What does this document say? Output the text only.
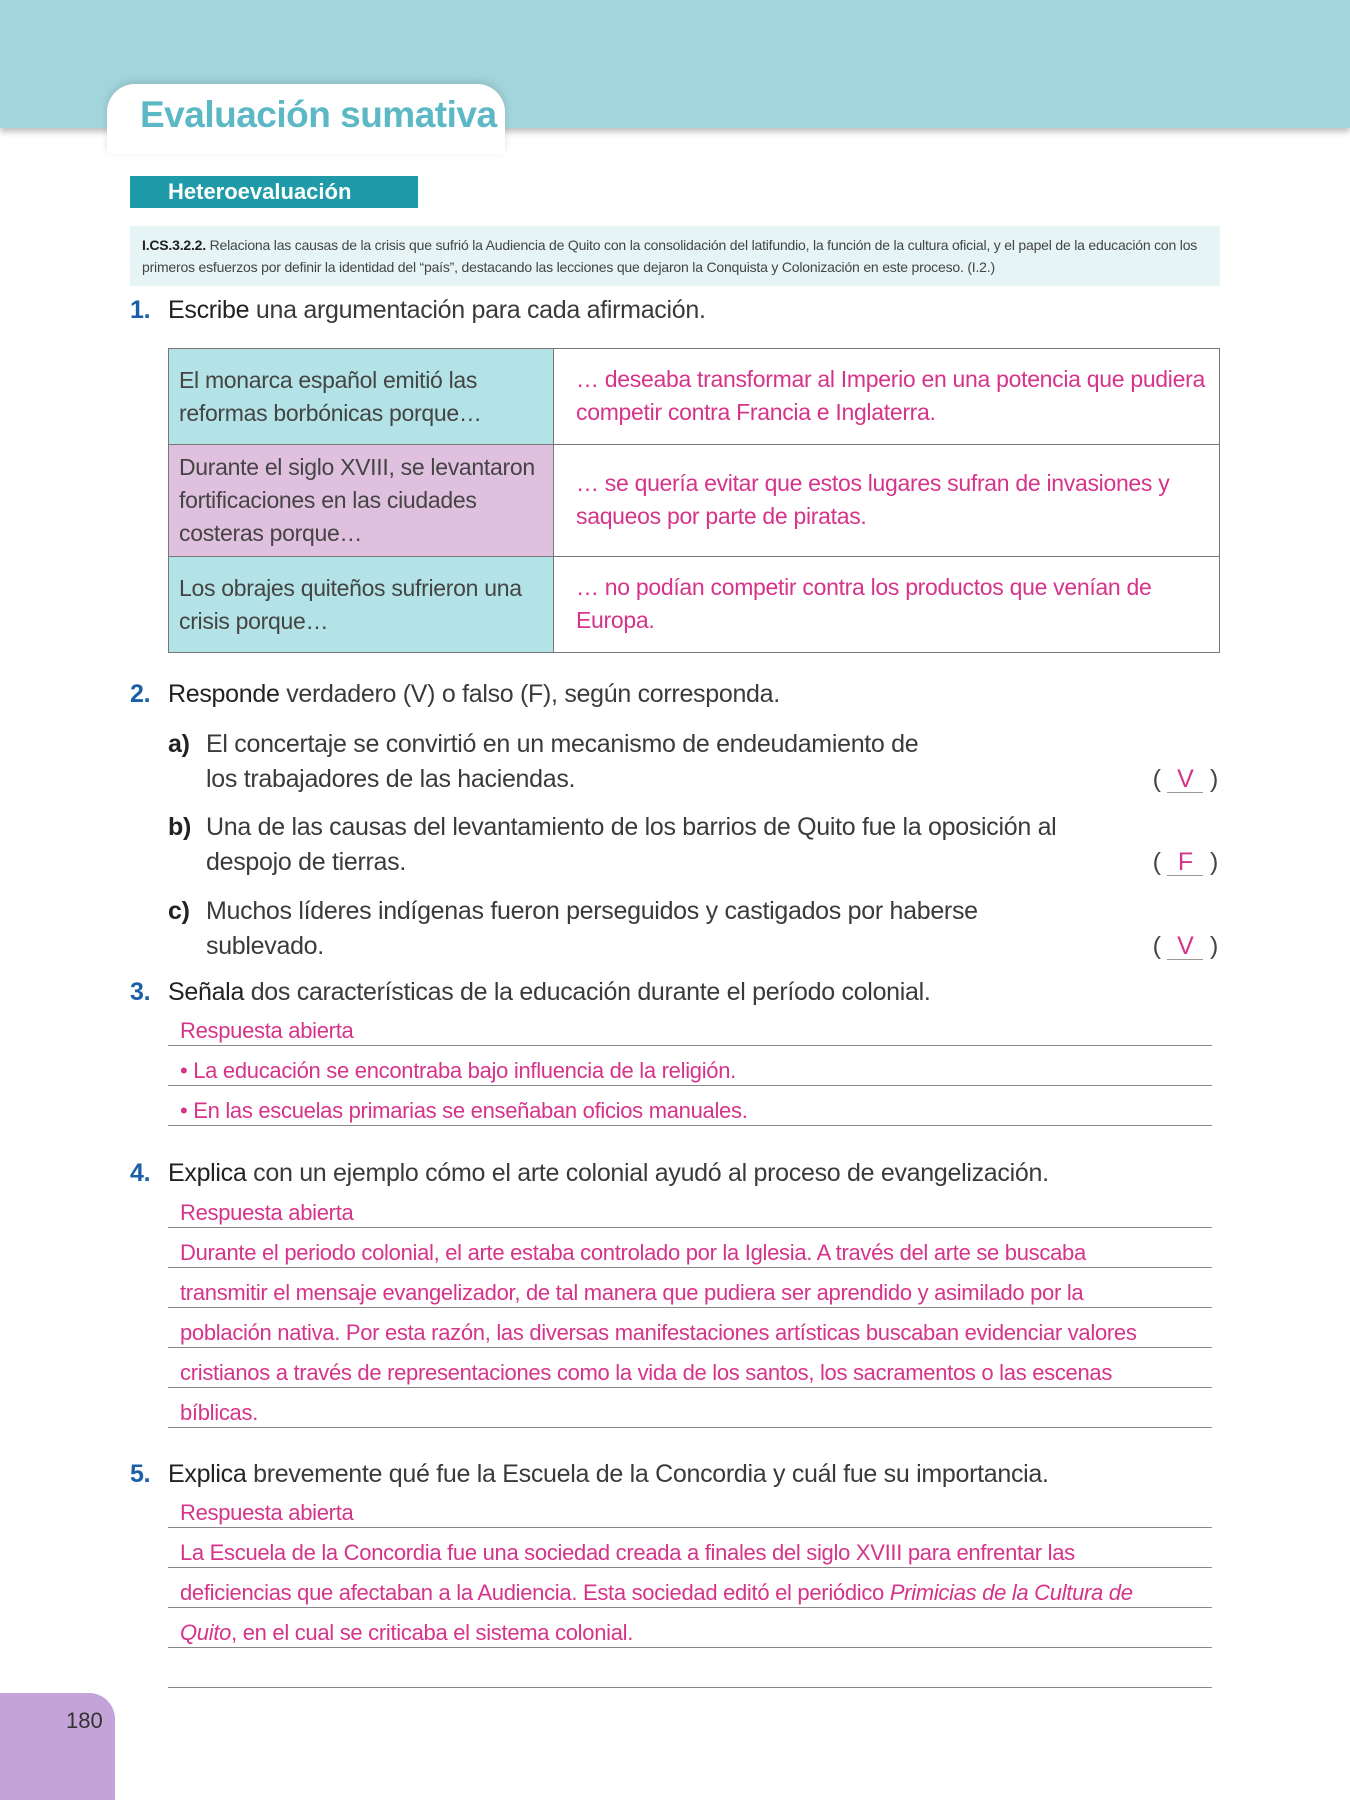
Evaluación sumativa
Heteroevaluación
I.CS.3.2.2. Relaciona las causas de la crisis que sufrió la Audiencia de Quito con la consolidación del latifundio, la función de la cultura oficial, y el papel de la educación con los primeros esfuerzos por definir la identidad del “país”, destacando las lecciones que dejaron la Conquista y Colonización en este proceso. (I.2.)
1. Escribe una argumentación para cada afirmación.
El monarca español emitió las reformas borbónicas porque…	… deseaba transformar al Imperio en una potencia que pudiera competir contra Francia e Inglaterra.
Durante el siglo XVIII, se levantaron fortificaciones en las ciudades costeras porque…	… se quería evitar que estos lugares sufran de invasiones y saqueos por parte de piratas.
Los obrajes quiteños sufrieron una crisis porque…	… no podían competir contra los productos que venían de Europa.
2. Responde verdadero (V) o falso (F), según corresponda.
a) El concertaje se convirtió en un mecanismo de endeudamiento de
los trabajadores de las haciendas.	( V )
b) Una de las causas del levantamiento de los barrios de Quito fue la oposición al
despojo de tierras.	( F )
c) Muchos líderes indígenas fueron perseguidos y castigados por haberse
sublevado.	( V )
3. Señala dos características de la educación durante el período colonial.
Respuesta abierta
• La educación se encontraba bajo influencia de la religión.
• En las escuelas primarias se enseñaban oficios manuales.
4. Explica con un ejemplo cómo el arte colonial ayudó al proceso de evangelización.
Respuesta abierta
Durante el periodo colonial, el arte estaba controlado por la Iglesia. A través del arte se buscaba
transmitir el mensaje evangelizador, de tal manera que pudiera ser aprendido y asimilado por la
población nativa. Por esta razón, las diversas manifestaciones artísticas buscaban evidenciar valores
cristianos a través de representaciones como la vida de los santos, los sacramentos o las escenas
bíblicas.
5. Explica brevemente qué fue la Escuela de la Concordia y cuál fue su importancia.
Respuesta abierta
La Escuela de la Concordia fue una sociedad creada a finales del siglo XVIII para enfrentar las
deficiencias que afectaban a la Audiencia. Esta sociedad editó el periódico Primicias de la Cultura de
Quito, en el cual se criticaba el sistema colonial.
180
